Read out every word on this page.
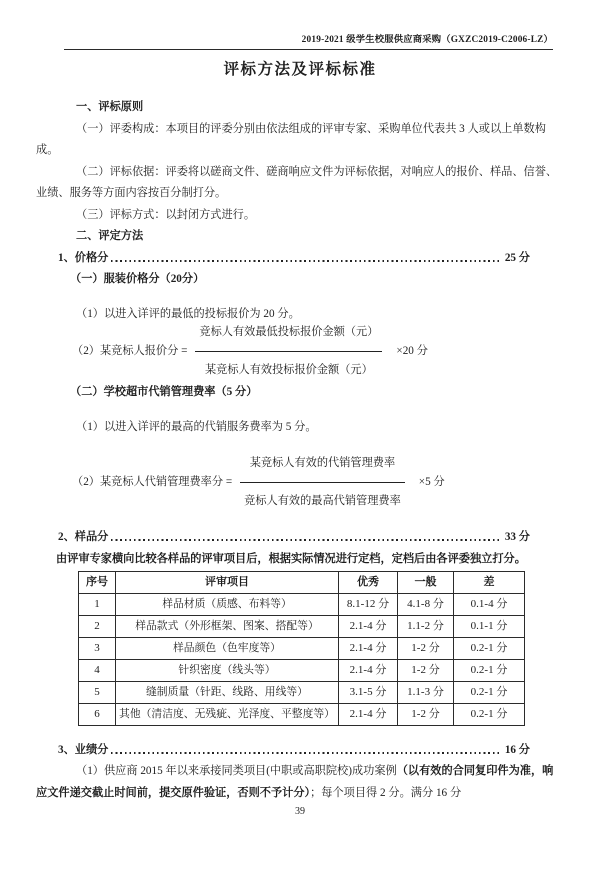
2019-2021 级学生校服供应商采购（GXZC2019-C2006-LZ）
评标方法及评标标准
一、评标原则

（一）评委构成：本项目的评委分别由依法组成的评审专家、采购单位代表共 3 人或以上单数构成。

（二）评标依据：评委将以磋商文件、磋商响应文件为评标依据，对响应人的报价、样品、信誉、业绩、服务等方面内容按百分制打分。

（三）评标方式：以封闭方式进行。

二、评定方法
1、价格分	25 分
（一）服装价格分（20分）

（1）以进入详评的最低的投标报价为 20 分。

（2）某竞标人报价分 = $\frac{\text{竞标人有效最低投标报价金额（元）}}{\text{某竞标人有效投标报价金额（元）}} \times 20$ 分
（二）学校超市代销管理费率（5 分）

（1）以进入详评的最高的代销服务费率为 5 分。

（2）某竞标人代销管理费率分 = $\frac{\text{某竞标人有效的代销管理费率}}{\text{竞标人有效的最高代销管理费率}} \times 5$ 分
2、样品分	33 分
由评审专家横向比较各样品的评审项目后，根据实际情况进行定档，定档后由各评委独立打分。
序号	评审项目	优秀	一般	差
1	样品材质（质感、布料等）	8.1-12 分	4.1-8 分	0.1-4 分
2	样品款式（外形框架、图案、搭配等）	2.1-4 分	1.1-2 分	0.1-1 分
3	样品颜色（色牢度等）	2.1-4 分	1-2 分	0.2-1 分
4	针织密度（线头等）	2.1-4 分	1-2 分	0.2-1 分
5	缝制质量（针距、线路、用线等）	3.1-5 分	1.1-3 分	0.2-1 分
6	其他（清洁度、无残疵、光泽度、平整度等）	2.1-4 分	1-2 分	0.2-1 分
3、业绩分	16 分

（1）供应商 2015 年以来承接同类项目(中职或高职院校)成功案例（以有效的合同复印件为准，响应文件递交截止时间前，提交原件验证，否则不予计分）；每个项目得 2 分。满分 16 分

39
